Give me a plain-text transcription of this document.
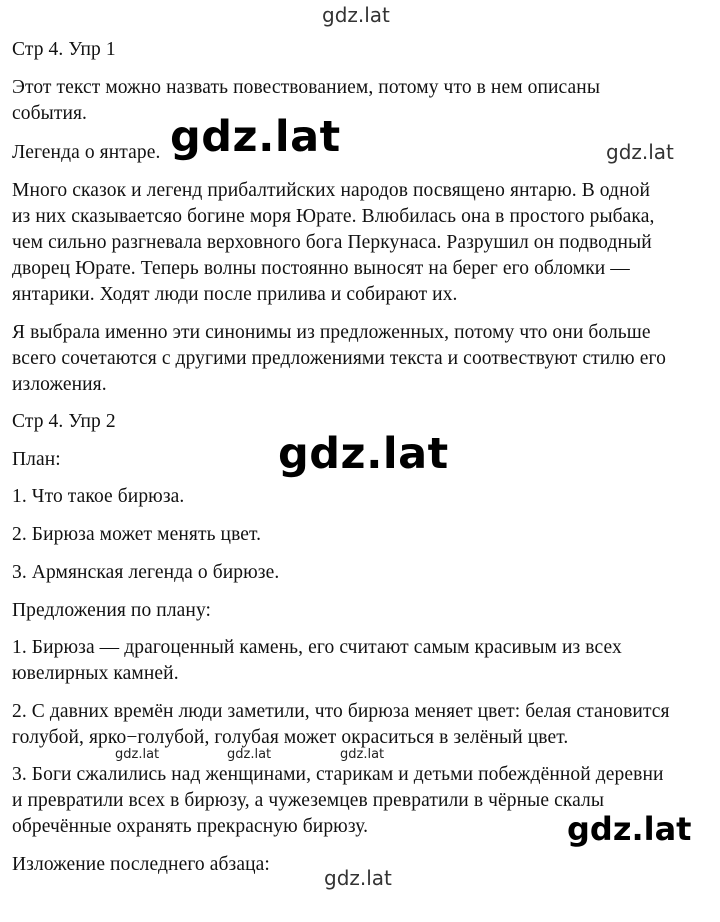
gdz.lat
gdz.lat	gdz.lat
gdz.lat
gdz.lat	gdz.lat	gdz.lat
gdz.lat
gdz.lat
Стр 4. Упр 1
Этот текст можно назвать повествованием, потому что в нем описаны
события.
Легенда о янтаре.
Много сказок и легенд прибалтийских народов посвящено янтарю. В одной
из них сказываетсяо богине моря Юрате. Влюбилась она в простого рыбака,
чем сильно разгневала верховного бога Перкунаса. Разрушил он подводный
дворец Юрате. Теперь волны постоянно выносят на берег его обломки —
янтарики. Ходят люди после прилива и собирают их.
Я выбрала именно эти синонимы из предложенных, потому что они больше
всего сочетаются с другими предложениями текста и соотвествуют стилю его
изложения.
Стр 4. Упр 2
План:
1. Что такое бирюза.
2. Бирюза может менять цвет.
3. Армянская легенда о бирюзе.
Предложения по плану:
1. Бирюза — драгоценный камень, его считают самым красивым из всех
ювелирных камней.
2. С давних времён люди заметили, что бирюза меняет цвет: белая становится
голубой, ярко−голубой, голубая может окраситься в зелёный цвет.
3. Боги сжалились над женщинами, старикам и детьми побеждённой деревни
и превратили всех в бирюзу, а чужеземцев превратили в чёрные скалы
обречённые охранять прекрасную бирюзу.
Изложение последнего абзаца:
